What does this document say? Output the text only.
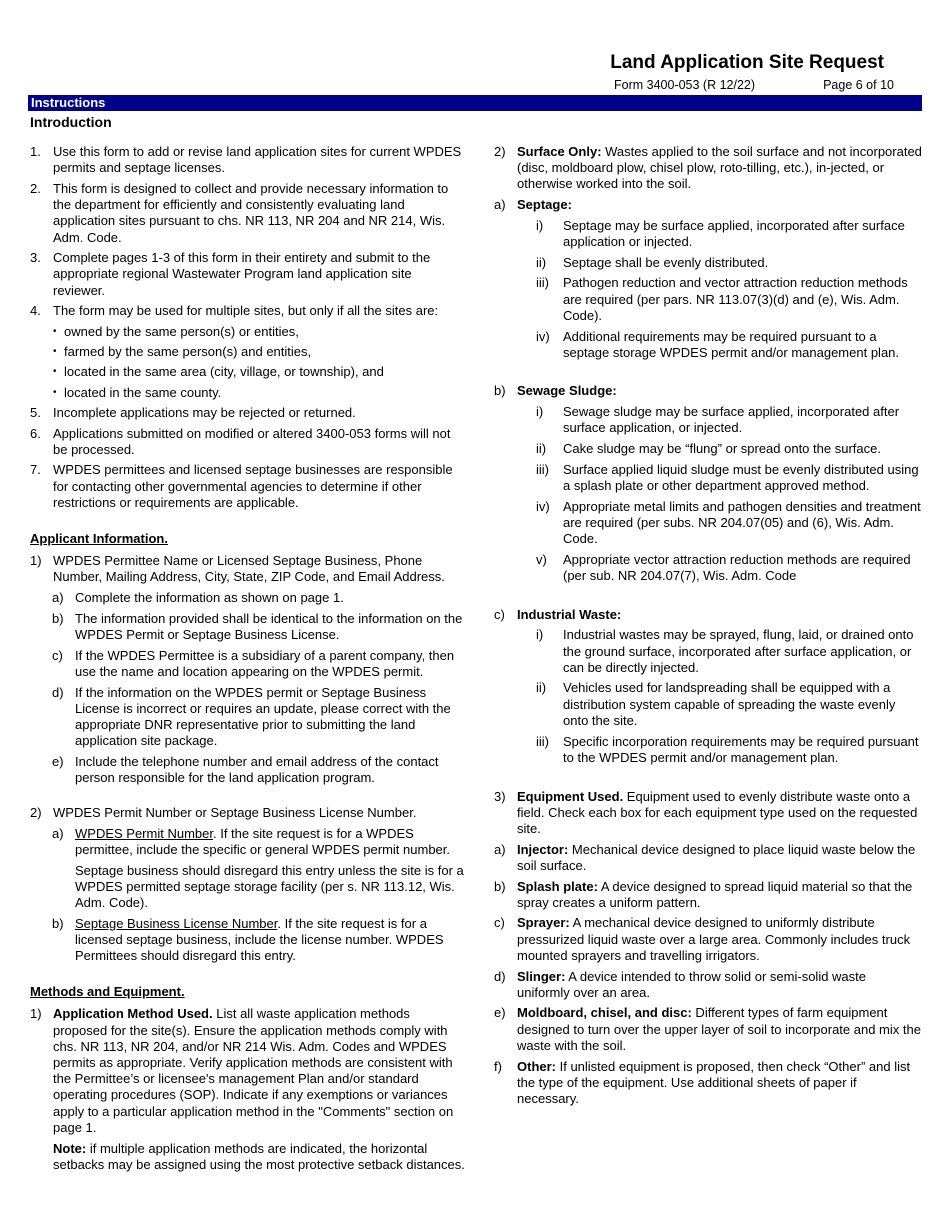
Land Application Site Request
Form 3400-053 (R 12/22)	Page 6 of 10
Instructions
Introduction
1. Use this form to add or revise land application sites for current WPDES permits and septage licenses.
2. This form is designed to collect and provide necessary information to the department for efficiently and consistently evaluating land application sites pursuant to chs. NR 113, NR 204 and NR 214, Wis. Adm. Code.
3. Complete pages 1-3 of this form in their entirety and submit to the appropriate regional Wastewater Program land application site reviewer.
4. The form may be used for multiple sites, but only if all the sites are:
• owned by the same person(s) or entities,
• farmed by the same person(s) and entities,
• located in the same area (city, village, or township), and
• located in the same county.
5. Incomplete applications may be rejected or returned.
6. Applications submitted on modified or altered 3400-053 forms will not be processed.
7. WPDES permittees and licensed septage businesses are responsible for contacting other governmental agencies to determine if other restrictions or requirements are applicable.
Applicant Information.
1) WPDES Permittee Name or Licensed Septage Business, Phone Number, Mailing Address, City, State, ZIP Code, and Email Address.
a) Complete the information as shown on page 1.
b) The information provided shall be identical to the information on the WPDES Permit or Septage Business License.
c) If the WPDES Permittee is a subsidiary of a parent company, then use the name and location appearing on the WPDES permit.
d) If the information on the WPDES permit or Septage Business License is incorrect or requires an update, please correct with the appropriate DNR representative prior to submitting the land application site package.
e) Include the telephone number and email address of the contact person responsible for the land application program.
2) WPDES Permit Number or Septage Business License Number.
a) WPDES Permit Number. If the site request is for a WPDES permittee, include the specific or general WPDES permit number.
Septage business should disregard this entry unless the site is for a WPDES permitted septage storage facility (per s. NR 113.12, Wis. Adm. Code).
b) Septage Business License Number. If the site request is for a licensed septage business, include the license number. WPDES Permittees should disregard this entry.
Methods and Equipment.
1) Application Method Used. List all waste application methods proposed for the site(s). Ensure the application methods comply with chs. NR 113, NR 204, and/or NR 214 Wis. Adm. Codes and WPDES permits as appropriate. Verify application methods are consistent with the Permittee’s or licensee's management Plan and/or standard operating procedures (SOP). Indicate if any exemptions or variances apply to a particular application method in the "Comments" section on page 1.
Note: if multiple application methods are indicated, the horizontal setbacks may be assigned using the most protective setback distances.
2) Surface Only: Wastes applied to the soil surface and not incorporated (disc, moldboard plow, chisel plow, roto-tilling, etc.), in-jected, or otherwise worked into the soil.
a) Septage:
i) Septage may be surface applied, incorporated after surface application or injected.
ii) Septage shall be evenly distributed.
iii) Pathogen reduction and vector attraction reduction methods are required (per pars. NR 113.07(3)(d) and (e), Wis. Adm. Code).
iv) Additional requirements may be required pursuant to a septage storage WPDES permit and/or management plan.
b) Sewage Sludge:
i) Sewage sludge may be surface applied, incorporated after surface application, or injected.
ii) Cake sludge may be “flung” or spread onto the surface.
iii) Surface applied liquid sludge must be evenly distributed using a splash plate or other department approved method.
iv) Appropriate metal limits and pathogen densities and treatment are required (per subs. NR 204.07(05) and (6), Wis. Adm. Code.
v) Appropriate vector attraction reduction methods are required (per sub. NR 204.07(7), Wis. Adm. Code
c) Industrial Waste:
i) Industrial wastes may be sprayed, flung, laid, or drained onto the ground surface, incorporated after surface application, or can be directly injected.
ii) Vehicles used for landspreading shall be equipped with a distribution system capable of spreading the waste evenly onto the site.
iii) Specific incorporation requirements may be required pursuant to the WPDES permit and/or management plan.
3) Equipment Used. Equipment used to evenly distribute waste onto a field. Check each box for each equipment type used on the requested site.
a) Injector: Mechanical device designed to place liquid waste below the soil surface.
b) Splash plate: A device designed to spread liquid material so that the spray creates a uniform pattern.
c) Sprayer: A mechanical device designed to uniformly distribute pressurized liquid waste over a large area. Commonly includes truck mounted sprayers and travelling irrigators.
d) Slinger: A device intended to throw solid or semi-solid waste uniformly over an area.
e) Moldboard, chisel, and disc: Different types of farm equipment designed to turn over the upper layer of soil to incorporate and mix the waste with the soil.
f) Other: If unlisted equipment is proposed, then check “Other” and list the type of the equipment. Use additional sheets of paper if necessary.
